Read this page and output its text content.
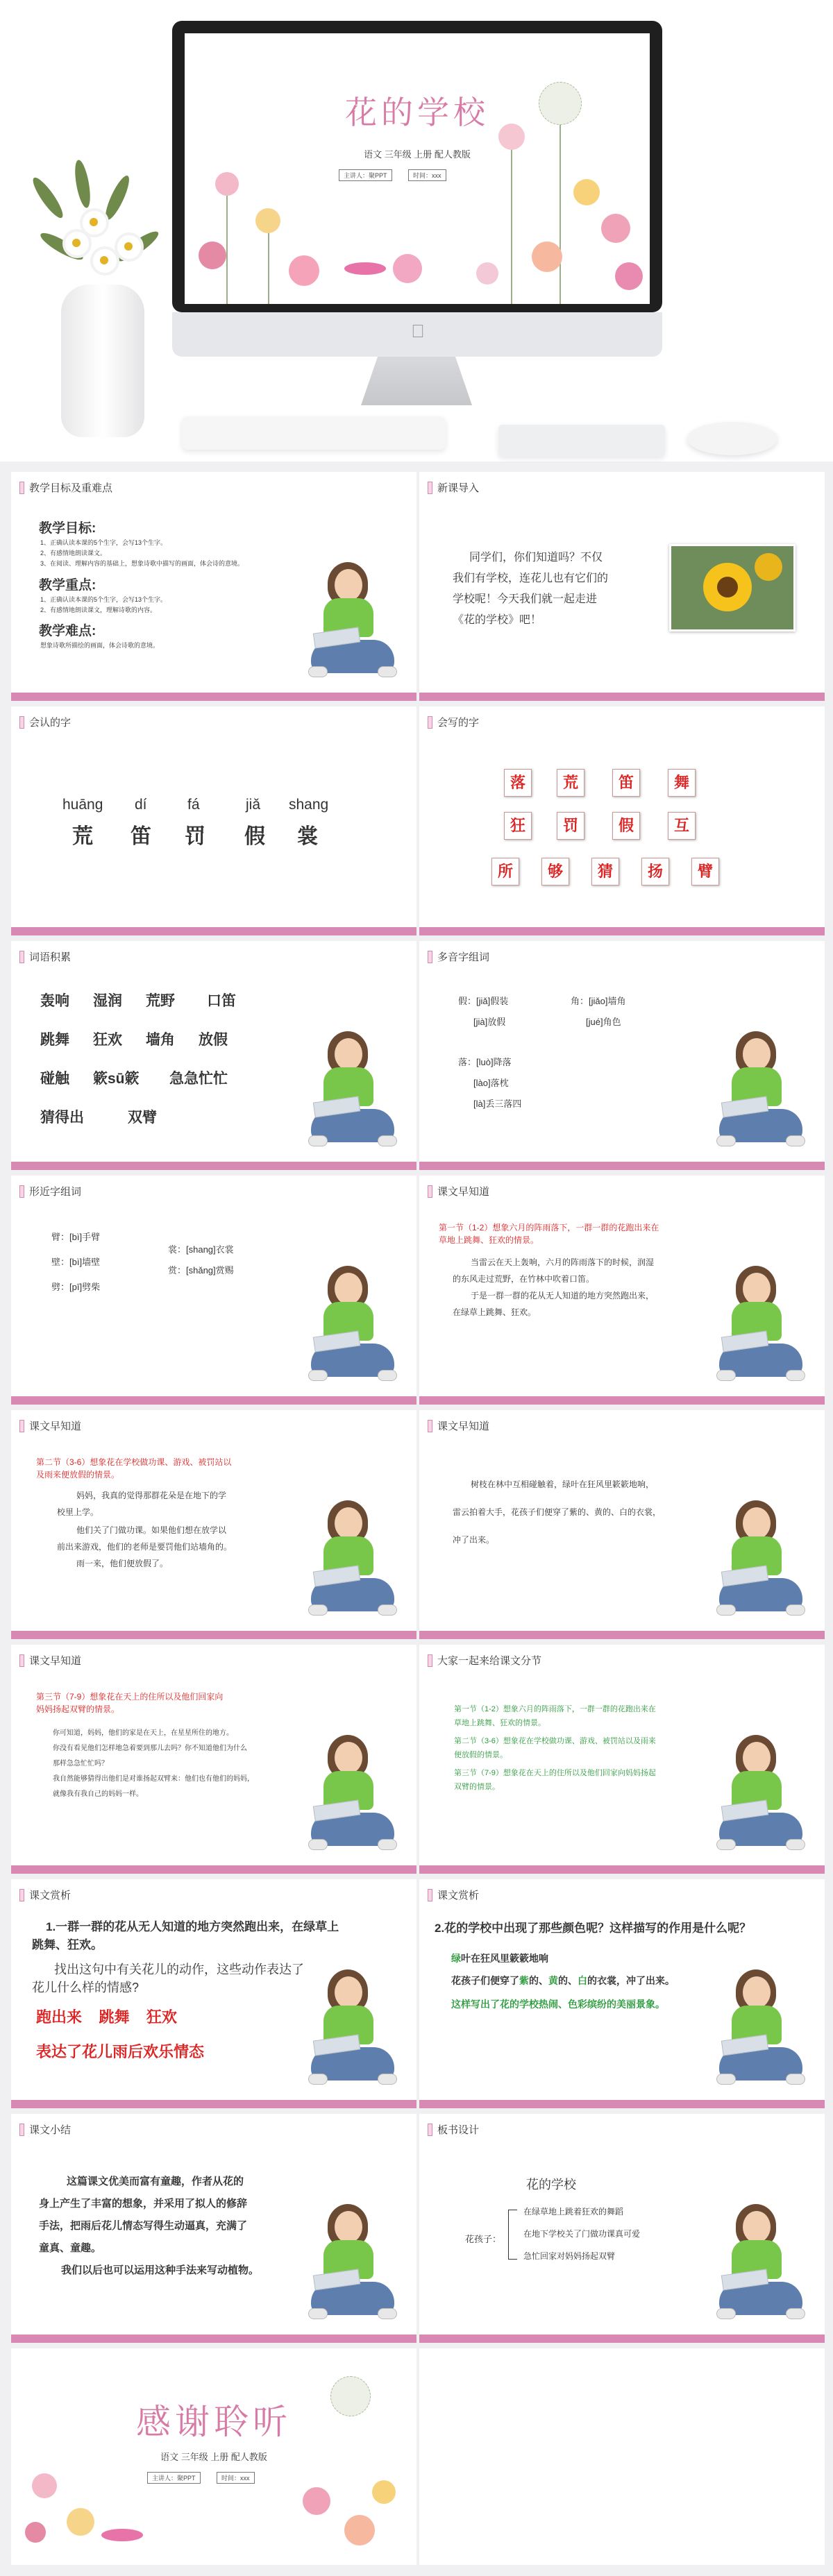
花的学校
语文 三年级 上册 配人教版
主讲人：聚PPT	时间：xxx
教学目标及重难点
教学目标:
1、正确认读本课的5个生字，会写13个生字。
2、有感情地朗读课文。
3、在阅读、理解内容的基础上，想象诗歌中描写的画面，体会诗的意境。
教学重点:
1、正确认读本课的5个生字，会写13个生字。
2、有感情地朗读课文，理解诗歌的内容。
教学难点:
想象诗歌所描绘的画面，体会诗歌的意境。
新课导入
同学们，你们知道吗？不仅
我们有学校，连花儿也有它们的
学校呢！今天我们就一起走进
《花的学校》吧！
会认的字
huāng dí	fá	jiǎ shang
荒 笛 罚 假 裳
会写的字
落	荒	笛	舞
狂	罚	假	互
所	够	猜	扬	臂
词语积累
轰响 湿润 荒野 口笛
跳舞 狂欢 墙角 放假
碰触 簌sū簌 急急忙忙
猜得出	双臂
多音字组词
假：[jiǎ]假装
[jià]放假
角：[jiǎo]墙角
[jué]角色
落：[luò]降落
[lào]落枕
[là]丢三落四
形近字组词
臂：[bì]手臂
壁：[bì]墙壁
劈：[pī]劈柴
裳：[shang]衣裳
赏：[shǎng]赏赐
课文早知道
第一节（1-2）想象六月的阵雨落下，一群一群的花跑出来在
草地上跳舞、狂欢的情景。
当雷云在天上轰响，六月的阵雨落下的时候，润湿
的东风走过荒野，在竹林中吹着口笛。
于是一群一群的花从无人知道的地方突然跑出来，
在绿草上跳舞、狂欢。
课文早知道
第二节（3-6）想象花在学校做功课、游戏、被罚站以
及雨来便放假的情景。
妈妈，我真的觉得那群花朵是在地下的学
校里上学。
他们关了门做功课。如果他们想在放学以
前出来游戏，他们的老师是要罚他们站墙角的。
雨一来，他们便放假了。
课文早知道
树枝在林中互相碰触着，绿叶在狂风里簌簌地响，
雷云拍着大手，花孩子们便穿了紫的、黄的、白的衣裳，
冲了出来。
课文早知道
第三节（7-9）想象花在天上的住所以及他们回家向
妈妈扬起双臂的情景。
你可知道，妈妈，他们的家是在天上，在星星所住的地方。
你没有看见他们怎样地急着要到那儿去吗？你不知道他们为什么
那样急急忙忙吗？
我自然能够猜得出他们是对谁扬起双臂来：他们也有他们的妈妈，
就像我有我自己的妈妈一样。
大家一起来给课文分节
第一节（1-2）想象六月的阵雨落下，一群一群的花跑出来在
草地上跳舞、狂欢的情景。
第二节（3-6）想象花在学校做功课、游戏、被罚站以及雨来
便放假的情景。
第三节（7-9）想象花在天上的住所以及他们回家向妈妈扬起
双臂的情景。
课文赏析
1.一群一群的花从无人知道的地方突然跑出来，在绿草上
跳舞、狂欢。
找出这句中有关花儿的动作，这些动作表达了
花儿什么样的情感?
跑出来    跳舞    狂欢
表达了花儿雨后欢乐情态
课文赏析
2.花的学校中出现了那些颜色呢？这样描写的作用是什么呢？
绿叶在狂风里簌簌地响
花孩子们便穿了紫的、黄的、白的衣裳，冲了出来。
这样写出了花的学校热闹、色彩缤纷的美丽景象。
课文小结
这篇课文优美而富有童趣，作者从花的
身上产生了丰富的想象，并采用了拟人的修辞
手法，把雨后花儿情态写得生动逼真，充满了
童真、童趣。
我们以后也可以运用这种手法来写动植物。
板书设计
花的学校
花孩子：
在绿草地上跳着狂欢的舞蹈
在地下学校关了门做功课真可爱
急忙回家对妈妈扬起双臂
感谢聆听
语文 三年级 上册 配人教版
主讲人：聚PPT	时间：xxx
